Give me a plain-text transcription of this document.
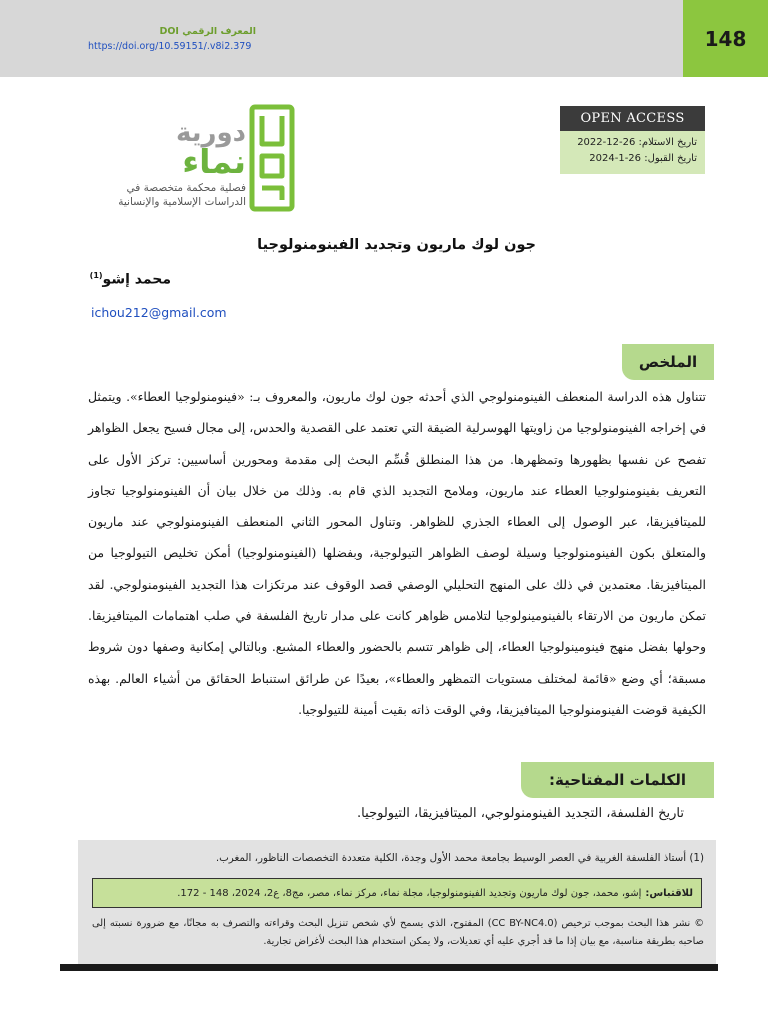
148
المعرف الرقمي DOI
https://doi.org/10.59151/.v8i2.379
دورية
نماء
فصلية محكمة متخصصة في
الدراسات الإسلامية والإنسانية
OPEN ACCESS
تاريخ الاستلام: 26-12-2022
تاريخ القبول: 26-1-2024
جون لوك ماريون وتجديد الفينومنولوجيا
محمد إشو$^{(1)}$
ichou212@gmail.com
الملخص

تتناول هذه الدراسة المنعطف الفينومنولوجي الذي أحدثه جون لوك ماريون، والمعروف بـ: «فينومنولوجيا العطاء». ويتمثل في إخراجه الفينومنولوجيا من زاويتها الهوسرلية الضيقة التي تعتمد على القصدية والحدس، إلى مجال فسيح يجعل الظواهر تفصح عن نفسها بظهورها وتمظهرها. من هذا المنطلق قُسِّم البحث إلى مقدمة ومحورين أساسيين: تركز الأول على التعريف بفينومنولوجيا العطاء عند ماريون، وملامح التجديد الذي قام به. وذلك من خلال بيان أن الفينومنولوجيا تجاوز للميتافيزيقا، عبر الوصول إلى العطاء الجذري للظواهر. وتناول المحور الثاني المنعطف الفينومنولوجي عند ماريون والمتعلق بكون الفينومنولوجيا وسيلة لوصف الظواهر التيولوجية، وبفضلها (الفينومنولوجيا) أمكن تخليص التيولوجيا من الميتافيزيقا. معتمدين في ذلك على المنهج التحليلي الوصفي قصد الوقوف عند مرتكزات هذا التجديد الفينومنولوجي. لقد تمكن ماريون من الارتقاء بالفينومينولوجيا لتلامس ظواهر كانت على مدار تاريخ الفلسفة في صلب اهتمامات الميتافيزيقا. وحولها بفضل منهج فينومينولوجيا العطاء، إلى ظواهر تتسم بالحضور والعطاء المشبع. وبالتالي إمكانية وصفها دون شروط مسبقة؛ أي وضع «قائمة لمختلف مستويات التمظهر والعطاء»، بعيدًا عن طرائق استنباط الحقائق من أشياء العالم. بهذه الكيفية قوضت الفينومنولوجيا الميتافيزيقا، وفي الوقت ذاته بقيت أمينة للتيولوجيا.

الكلمات المفتاحية:
تاريخ الفلسفة، التجديد الفينومنولوجي، الميتافيزيقا، التيولوجيا.
(1) أستاذ الفلسفة الغربية في العصر الوسيط بجامعة محمد الأول وجدة، الكلية متعددة التخصصات الناظور، المغرب.
للاقتباس:
إشو، محمد، جون لوك ماريون وتجديد الفينومنولوجيا، مجلة نماء، مركز نماء، مصر، مج8، ع2، 2024، 148 - 172.

© نشر هذا البحث بموجب ترخيص (CC BY-NC4.0) المفتوح، الذي يسمح لأي شخص تنزيل البحث وقراءته والتصرف به مجانًا، مع ضرورة نسبته إلى صاحبه بطريقة مناسبة، مع بيان إذا ما قد أجري عليه أي تعديلات، ولا يمكن استخدام هذا البحث لأغراض تجارية.
